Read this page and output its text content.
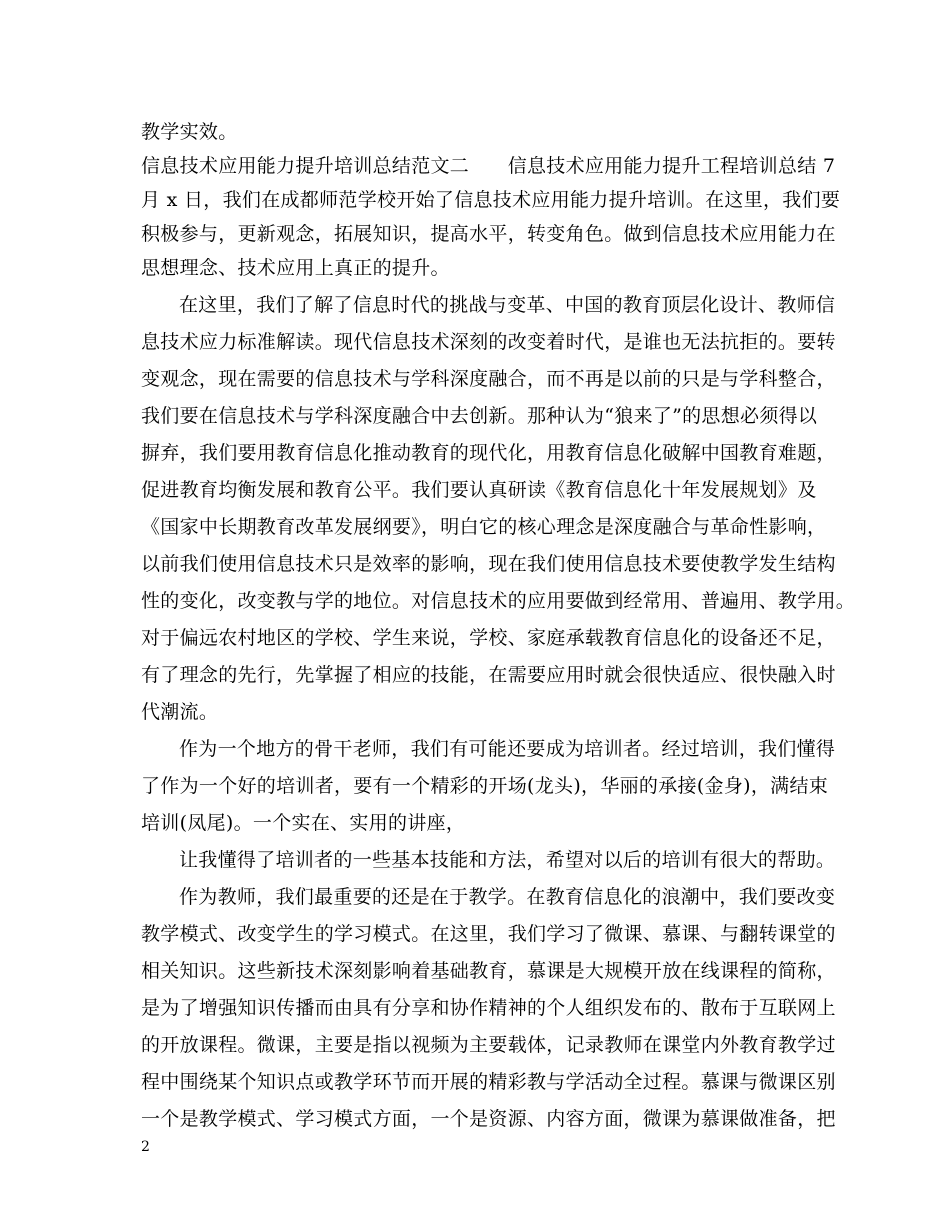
教学实效。
信息技术应用能力提升培训总结范文二　　信息技术应用能力提升工程培训总结 7
月 x 日，我们在成都师范学校开始了信息技术应用能力提升培训。在这里，我们要
积极参与，更新观念，拓展知识，提高水平，转变角色。做到信息技术应用能力在
思想理念、技术应用上真正的提升。
在这里，我们了解了信息时代的挑战与变革、中国的教育顶层化设计、教师信
息技术应力标准解读。现代信息技术深刻的改变着时代，是谁也无法抗拒的。要转
变观念，现在需要的信息技术与学科深度融合，而不再是以前的只是与学科整合，
我们要在信息技术与学科深度融合中去创新。那种认为“狼来了”的思想必须得以
摒弃，我们要用教育信息化推动教育的现代化，用教育信息化破解中国教育难题，
促进教育均衡发展和教育公平。我们要认真研读《教育信息化十年发展规划》及
《国家中长期教育改革发展纲要》，明白它的核心理念是深度融合与革命性影响，
以前我们使用信息技术只是效率的影响，现在我们使用信息技术要使教学发生结构
性的变化，改变教与学的地位。对信息技术的应用要做到经常用、普遍用、教学用。
对于偏远农村地区的学校、学生来说，学校、家庭承载教育信息化的设备还不足，
有了理念的先行，先掌握了相应的技能，在需要应用时就会很快适应、很快融入时
代潮流。
作为一个地方的骨干老师，我们有可能还要成为培训者。经过培训，我们懂得
了作为一个好的培训者，要有一个精彩的开场(龙头)，华丽的承接(金身)，满结束
培训(凤尾)。一个实在、实用的讲座，
让我懂得了培训者的一些基本技能和方法，希望对以后的培训有很大的帮助。
作为教师，我们最重要的还是在于教学。在教育信息化的浪潮中，我们要改变
教学模式、改变学生的学习模式。在这里，我们学习了微课、慕课、与翻转课堂的
相关知识。这些新技术深刻影响着基础教育，慕课是大规模开放在线课程的简称，
是为了增强知识传播而由具有分享和协作精神的个人组织发布的、散布于互联网上
的开放课程。微课，主要是指以视频为主要载体，记录教师在课堂内外教育教学过
程中围绕某个知识点或教学环节而开展的精彩教与学活动全过程。慕课与微课区别
一个是教学模式、学习模式方面，一个是资源、内容方面，微课为慕课做准备，把
2
